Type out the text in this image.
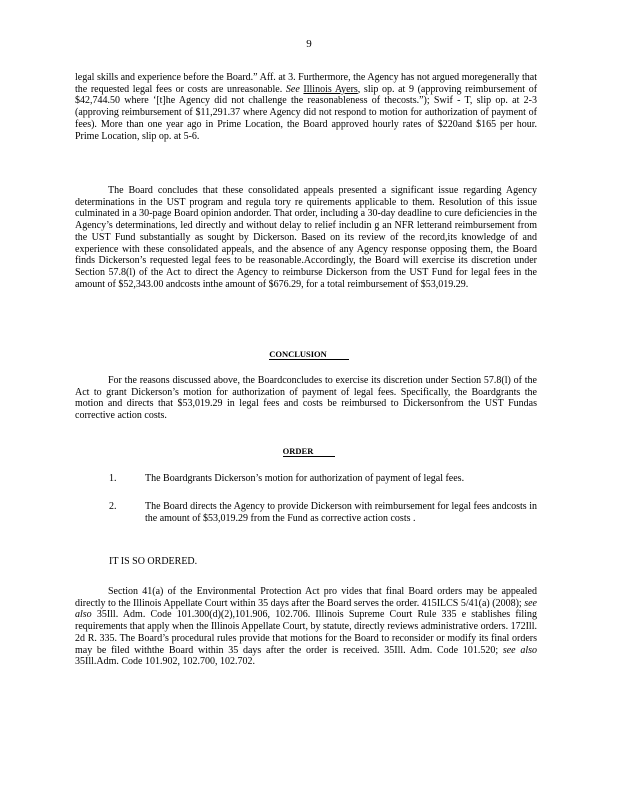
9

legal skills and experience before the Board.” Aff. at 3. Furthermore, the Agency has not argued moregenerally that the requested legal fees or costs are unreasonable. See Illinois Ayers, slip op. at 9 (approving reimbursement of $42,744.50 where ‘[t]he Agency did not challenge the reasonableness of thecosts.”); Swif - T, slip op. at 2-3 (approving reimbursement of $11,291.37 where Agency did not respond to motion for authorization of payment of fees). More than one year ago in Prime Location, the Board approved hourly rates of $220and $165 per hour. Prime Location, slip op. at 5-6.

The Board concludes that these consolidated appeals presented a significant issue regarding Agency determinations in the UST program and regula tory re quirements applicable to them. Resolution of this issue culminated in a 30-page Board opinion andorder. That order, including a 30-day deadline to cure deficiencies in the Agency’s determinations, led directly and without delay to relief includin g an NFR letterand reimbursement from the UST Fund substantially as sought by Dickerson. Based on its review of the record,its knowledge of and experience with these consolidated appeals, and the absence of any Agency response opposing them, the Board finds Dickerson’s requested legal fees to be reasonable.Accordingly, the Board will exercise its discretion under Section 57.8(l) of the Act to direct the Agency to reimburse Dickerson from the UST Fund for legal fees in the amount of $52,343.00 andcosts inthe amount of $676.29, for a total reimbursement of $53,019.29.

CONCLUSION

For the reasons discussed above, the Boardconcludes to exercise its discretion under Section 57.8(l) of the Act to grant Dickerson’s motion for authorization of payment of legal fees. Specifically, the Boardgrants the motion and directs that $53,019.29 in legal fees and costs be reimbursed to Dickersonfrom the UST Fundas corrective action costs.

ORDER
1.	The Boardgrants Dickerson’s motion for authorization of payment of legal fees.
2.	The Board directs the Agency to provide Dickerson with reimbursement for legal fees andcosts in the amount of $53,019.29 from the Fund as corrective action costs .
IT IS SO ORDERED.

Section 41(a) of the Environmental Protection Act pro vides that final Board orders may be appealed directly to the Illinois Appellate Court within 35 days after the Board serves the order. 415ILCS 5/41(a) (2008); see also 35Ill. Adm. Code 101.300(d)(2),101.906, 102.706. Illinois Supreme Court Rule 335 e stablishes filing requirements that apply when the Illinois Appellate Court, by statute, directly reviews administrative orders. 172Ill. 2d R. 335. The Board’s procedural rules provide that motions for the Board to reconsider or modify its final orders may be filed withthe Board within 35 days after the order is received. 35Ill. Adm. Code 101.520; see also 35Ill.Adm. Code 101.902, 102.700, 102.702.
